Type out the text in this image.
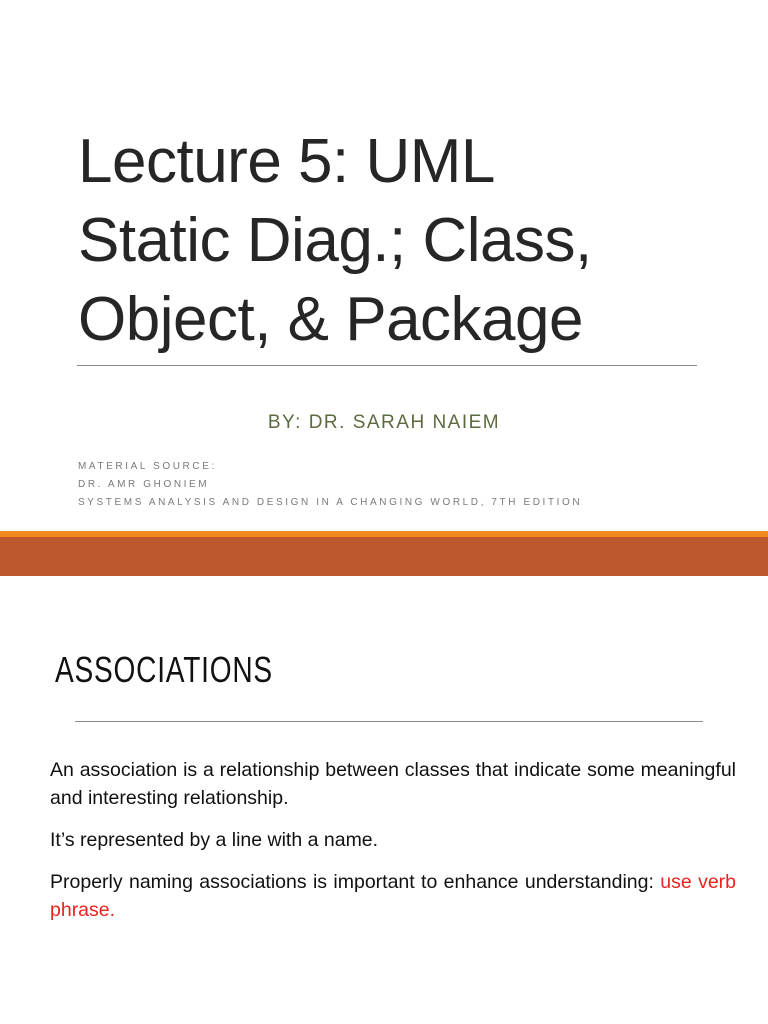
Lecture 5: UML
Static Diag.; Class,
Object, & Package
BY: DR. SARAH NAIEM
MATERIAL SOURCE:
DR. AMR GHONIEM
SYSTEMS ANALYSIS AND DESIGN IN A CHANGING WORLD, 7TH EDITION
ASSOCIATIONS

An association is a relationship between classes that indicate some meaningful and interesting relationship.

It’s represented by a line with a name.

Properly naming associations is important to enhance understanding: use verb phrase.
